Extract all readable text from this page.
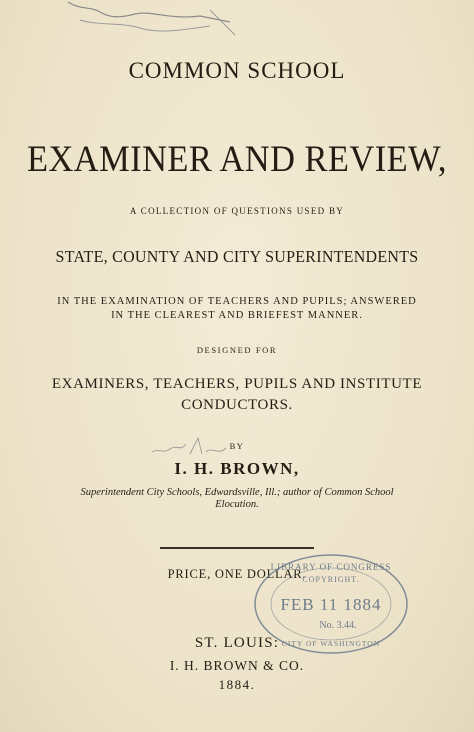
COMMON SCHOOL
EXAMINER AND REVIEW,
A COLLECTION OF QUESTIONS USED BY
STATE, COUNTY AND CITY SUPERINTENDENTS
IN THE EXAMINATION OF TEACHERS AND PUPILS; ANSWERED
IN THE CLEAREST AND BRIEFEST MANNER.
DESIGNED FOR
EXAMINERS, TEACHERS, PUPILS AND INSTITUTE
CONDUCTORS.
BY
I. H. BROWN,
Superintendent City Schools, Edwardsville, Ill.; author of Common School
Elocution.
PRICE, ONE DOLLAR.
LIBRARY OF CONGRESS
COPYRIGHT.
FEB 11 1884
No. 3.44.
CITY OF WASHINGTON
ST. LOUIS:
I. H. BROWN & CO.
1884.
